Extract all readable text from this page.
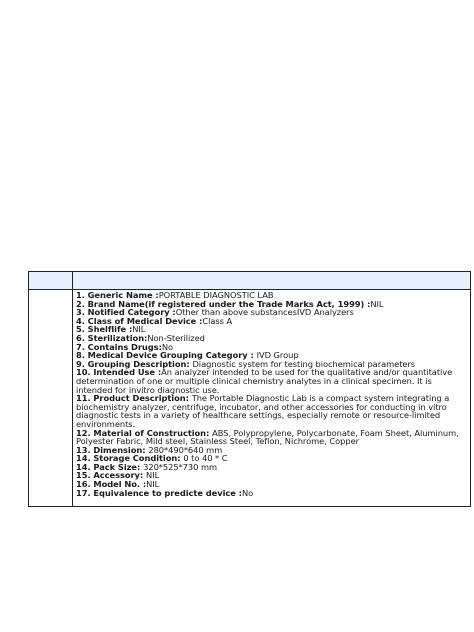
1. Generic Name :PORTABLE DIAGNOSTIC LAB
2. Brand Name(if registered under the Trade Marks Act, 1999) :NIL
3. Notified Category :Other than above substancesIVD Analyzers
4. Class of Medical Device :Class A
5. Shelflife :NIL
6. Sterilization:Non-Sterilized
7. Contains Drugs:No
8. Medical Device Grouping Category : IVD Group
9. Grouping Description: Diagnostic system for testing biochemical parameters
10. Intended Use :An analyzer intended to be used for the qualitative and/or quantitative determination of one or multiple clinical chemistry analytes in a clinical specimen. It is intended for invitro diagnostic use.
11. Product Description: The Portable Diagnostic Lab is a compact system integrating a biochemistry analyzer, centrifuge, incubator, and other accessories for conducting in vitro diagnostic tests in a variety of healthcare settings, especially remote or resource-limited environments.
12. Material of Construction: ABS, Polypropylene, Polycarbonate, Foam Sheet, Aluminum, Polyester Fabric, Mild steel, Stainless Steel, Teflon, Nichrome, Copper
13. Dimension: 280*490*640 mm
14. Storage Condition: 0 to 40 * C
14. Pack Size: 320*525*730 mm
15. Accessory: NIL
16. Model No. :NIL
17. Equivalence to predicte device :No
